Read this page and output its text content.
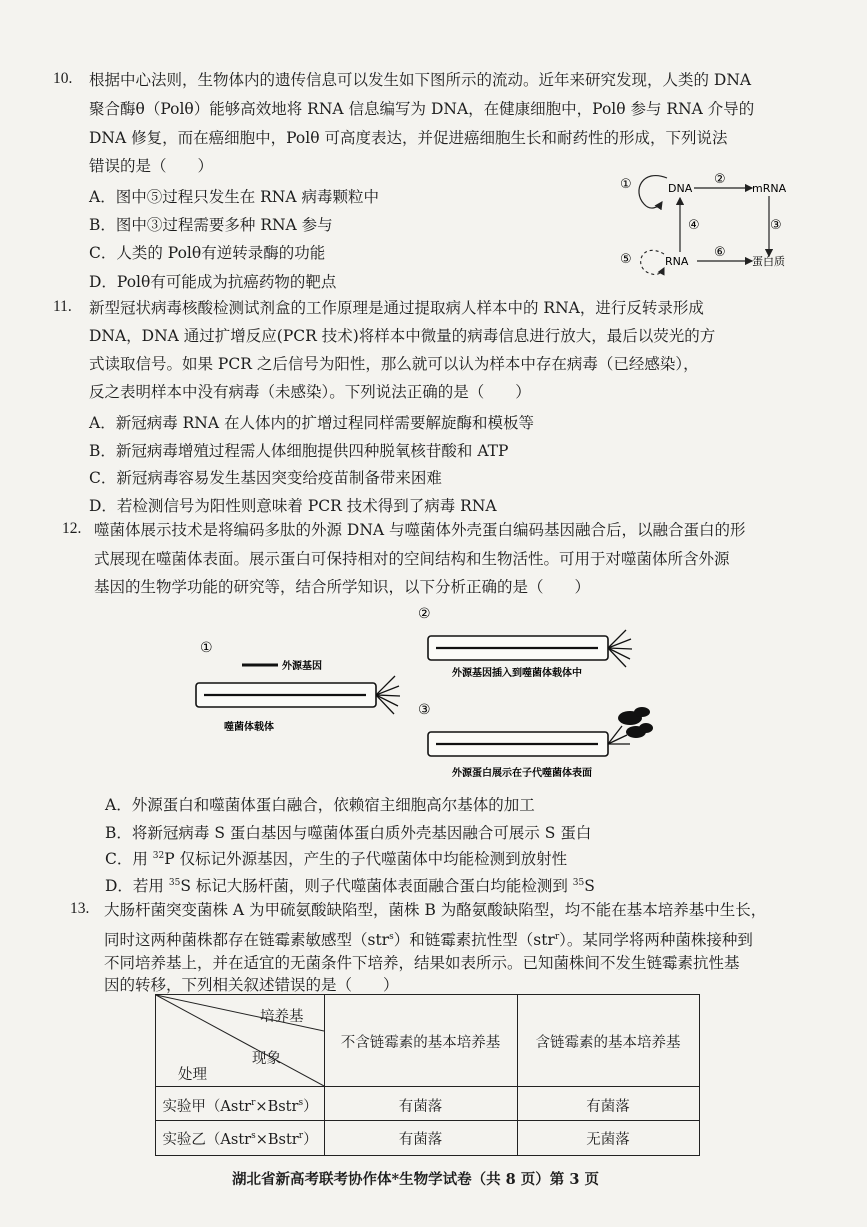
10. 根据中心法则，生物体内的遗传信息可以发生如下图所示的流动。近年来研究发现，人类的 DNA
聚合酶θ（Polθ）能够高效地将 RNA 信息编写为 DNA，在健康细胞中，Polθ 参与 RNA 介导的
DNA 修复，而在癌细胞中，Polθ 可高度表达，并促进癌细胞生长和耐药性的形成，下列说法
错误的是（　　）
A．图中⑤过程只发生在 RNA 病毒颗粒中
B．图中③过程需要多种 RNA 参与
C．人类的 Polθ有逆转录酶的功能
D．Polθ有可能成为抗癌药物的靶点
①	DNA
②
mRNA
③
④
⑤	RNA
⑥
蛋白质
11. 新型冠状病毒核酸检测试剂盒的工作原理是通过提取病人样本中的 RNA，进行反转录形成
DNA，DNA 通过扩增反应(PCR 技术)将样本中微量的病毒信息进行放大，最后以荧光的方
式读取信号。如果 PCR 之后信号为阳性，那么就可以认为样本中存在病毒（已经感染），
反之表明样本中没有病毒（未感染）。下列说法正确的是（　　）
A．新冠病毒 RNA 在人体内的扩增过程同样需要解旋酶和模板等
B．新冠病毒增殖过程需人体细胞提供四种脱氧核苷酸和 ATP
C．新冠病毒容易发生基因突变给疫苗制备带来困难
D．若检测信号为阳性则意味着 PCR 技术得到了病毒 RNA
12. 噬菌体展示技术是将编码多肽的外源 DNA 与噬菌体外壳蛋白编码基因融合后，以融合蛋白的形
式展现在噬菌体表面。展示蛋白可保持相对的空间结构和生物活性。可用于对噬菌体所含外源
基因的生物学功能的研究等，结合所学知识，以下分析正确的是（　　）
①
外源基因
噬菌体载体
②
外源基因插入到噬菌体载体中
③
外源蛋白展示在子代噬菌体表面
A．外源蛋白和噬菌体蛋白融合，依赖宿主细胞高尔基体的加工
B．将新冠病毒 S 蛋白基因与噬菌体蛋白质外壳基因融合可展示 S 蛋白
C．用 $^{32}$P 仅标记外源基因，产生的子代噬菌体中均能检测到放射性
D．若用 $^{35}$S 标记大肠杆菌，则子代噬菌体表面融合蛋白均能检测到 $^{35}$S
13. 大肠杆菌突变菌株 A 为甲硫氨酸缺陷型，菌株 B 为酪氨酸缺陷型，均不能在基本培养基中生长，
同时这两种菌株都存在链霉素敏感型（str$^s$）和链霉素抗性型（str$^r$）。某同学将两种菌株接种到
不同培养基上，并在适宜的无菌条件下培养，结果如表所示。已知菌株间不发生链霉素抗性基
因的转移，下列相关叙述错误的是（　　）
培养基
现象
处理
不含链霉素的基本培养基	含链霉素的基本培养基
实验甲（Astr$^r$×Bstr$^s$）	有菌落	有菌落
实验乙（Astr$^s$×Bstr$^r$）	有菌落	无菌落
湖北省新高考联考协作体*生物学试卷（共 8 页）第 3 页
